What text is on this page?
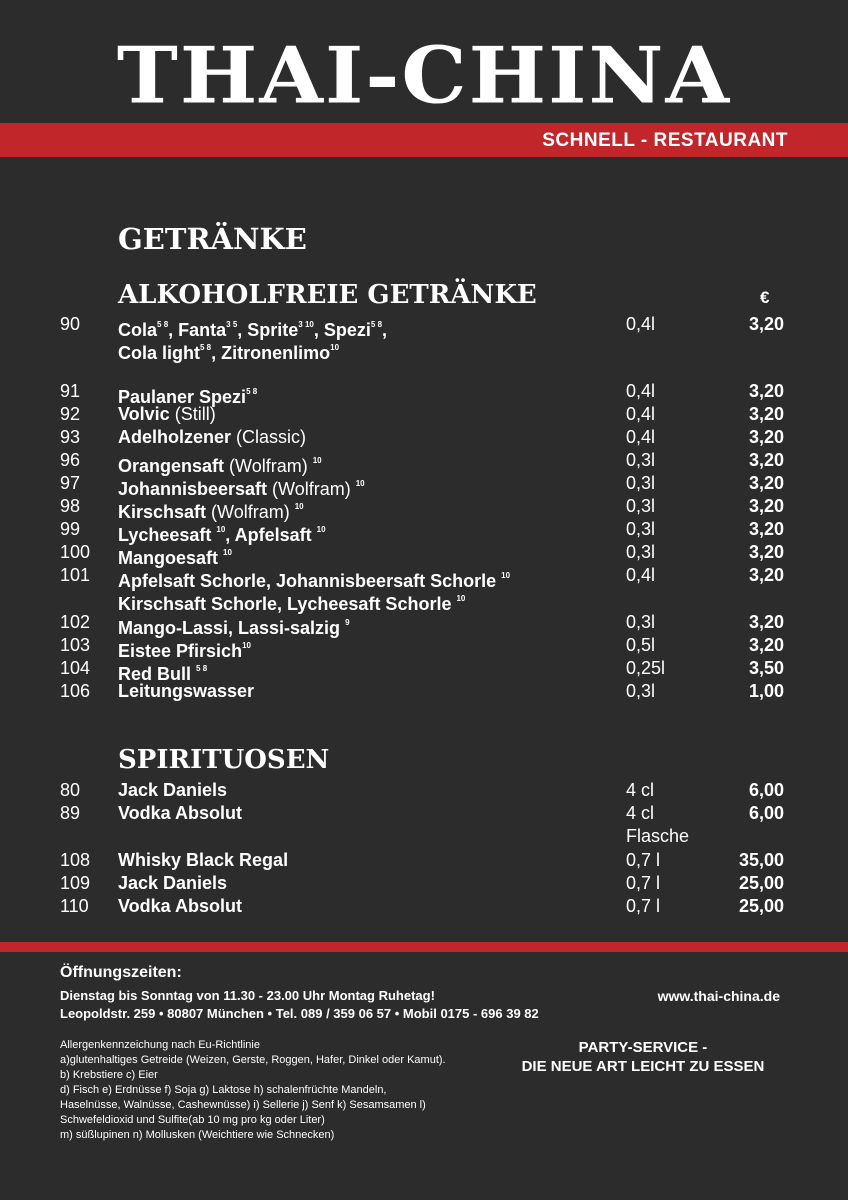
THAI-CHINA
SCHNELL - RESTAURANT
GETRÄNKE
ALKOHOLFREIE GETRÄNKE	€
90 Cola$^{5 8}$, Fanta$^{3 5}$, Sprite$^{3 10}$, Spezi$^{5 8}$,	0,4l	3,20
Cola light$^{5 8}$, Zitronenlimo$^{10}$
91 Paulaner Spezi$^{5 8}$	0,4l	3,20
92 Volvic (Still)	0,4l	3,20
93 Adelholzener (Classic)	0,4l	3,20
96 Orangensaft (Wolfram) $^{10}$	0,3l	3,20
97 Johannisbeersaft (Wolfram) $^{10}$	0,3l	3,20
98 Kirschsaft (Wolfram) $^{10}$	0,3l	3,20
99 Lycheesaft $^{10}$, Apfelsaft $^{10}$	0,3l	3,20
100 Mangoesaft $^{10}$	0,3l	3,20
101 Apfelsaft Schorle, Johannisbeersaft Schorle $^{10}$	0,4l	3,20
Kirschsaft Schorle, Lycheesaft Schorle $^{10}$
102 Mango-Lassi, Lassi-salzig $^9$	0,3l	3,20
103 Eistee Pfirsich$^{10}$	0,5l	3,20
104 Red Bull $^{5 8}$	0,25l	3,50
106 Leitungswasser	0,3l	1,00
SPIRITUOSEN
80 Jack Daniels	4 cl	6,00
89 Vodka Absolut	4 cl	6,00
Flasche
108 Whisky Black Regal	0,7 l	35,00
109 Jack Daniels	0,7 l	25,00
110 Vodka Absolut	0,7 l	25,00
Öffnungszeiten:
Dienstag bis Sonntag von 11.30 - 23.00 Uhr Montag Ruhetag!	www.thai-china.de
Leopoldstr. 259 • 80807 München • Tel. 089 / 359 06 57 • Mobil 0175 - 696 39 82
Allergenkennzeichung nach Eu-Richtlinie
a)glutenhaltiges Getreide (Weizen, Gerste, Roggen, Hafer, Dinkel oder Kamut). b) Krebstiere c) Eier
d) Fisch e) Erdnüsse f) Soja g) Laktose h) schalenfrüchte Mandeln, Haselnüsse, Walnüsse, Cashewnüsse) i) Sellerie j) Senf k) Sesamsamen l) Schwefeldioxid und Sulfite(ab 10 mg pro kg oder Liter)
m) süßlupinen n) Mollusken (Weichtiere wie Schnecken)
PARTY-SERVICE -
DIE NEUE ART LEICHT ZU ESSEN
